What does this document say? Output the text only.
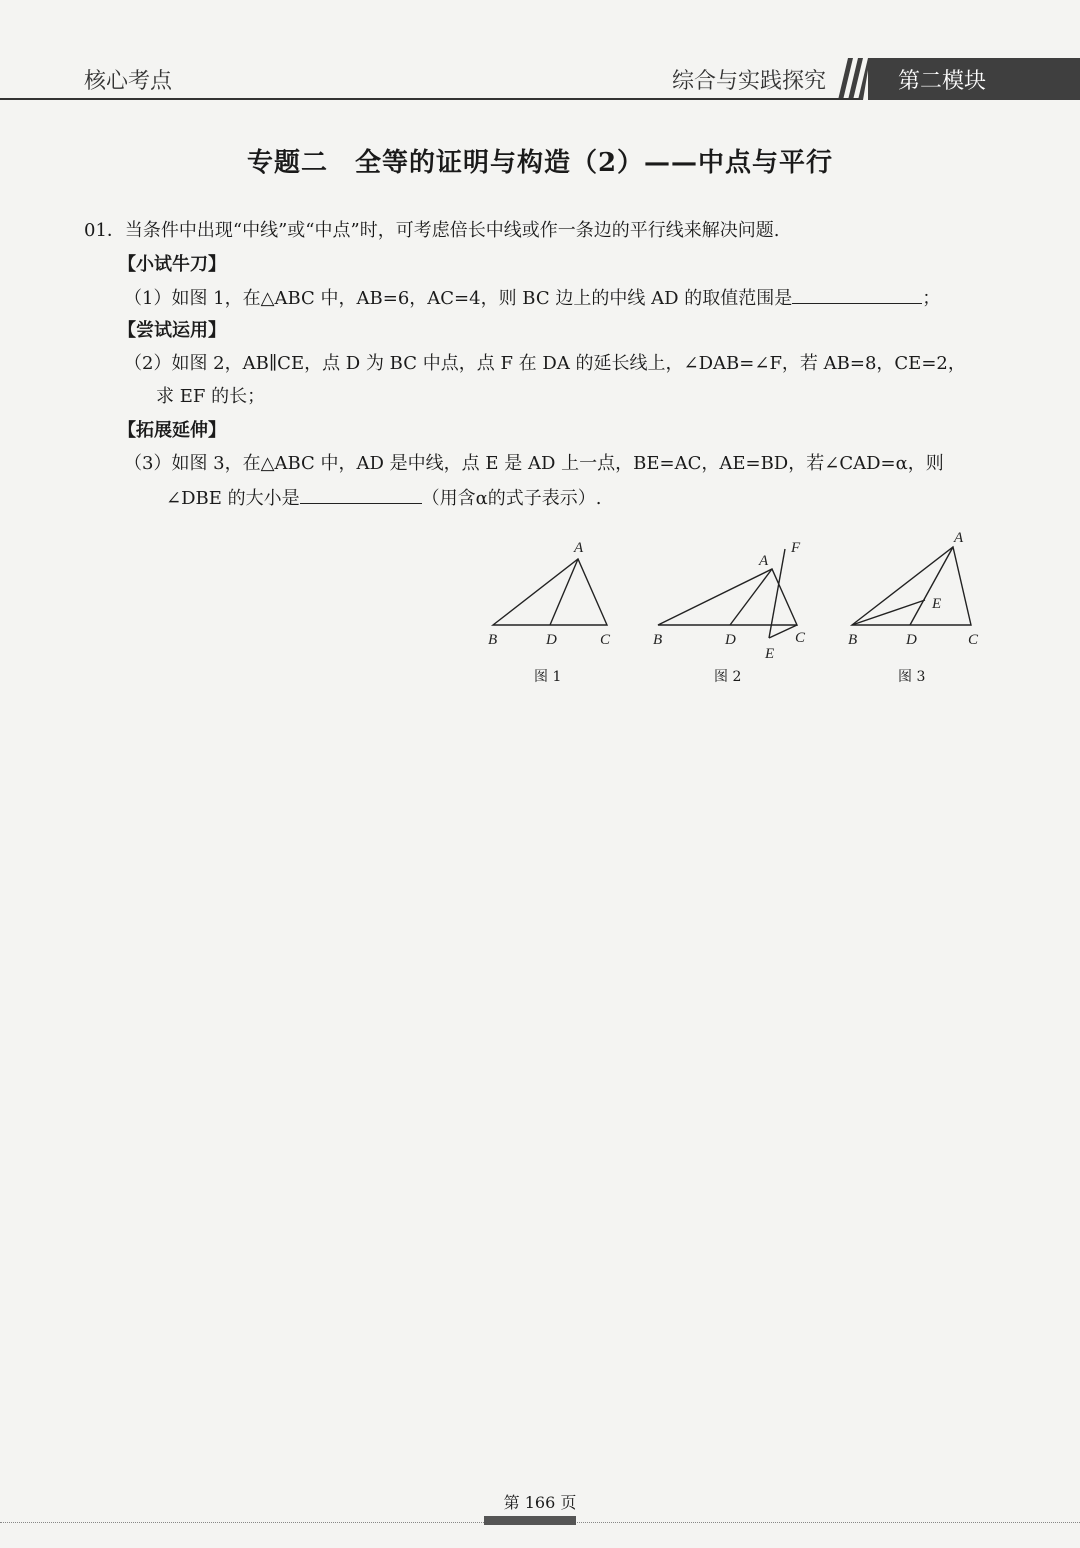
核心考点	综合与实践探究	第二模块
专题二　全等的证明与构造（2）——中点与平行
01．当条件中出现“中线”或“中点”时，可考虑倍长中线或作一条边的平行线来解决问题.
【小试牛刀】
（1）如图 1，在△ABC 中，AB=6，AC=4，则 BC 边上的中线 AD 的取值范围是	；
【尝试运用】
（2）如图 2，AB∥CE，点 D 为 BC 中点，点 F 在 DA 的延长线上，∠DAB=∠F，若 AB=8，CE=2，
求 EF 的长；
【拓展延伸】
（3）如图 3，在△ABC 中，AD 是中线，点 E 是 AD 上一点，BE=AC，AE=BD，若∠CAD=α，则
∠DBE 的大小是	（用含α的式子表示）.
A
B	D	C
图 1
A
F
B	D	C
E
图 2
A
E
B	D	C
图 3
第 166 页
